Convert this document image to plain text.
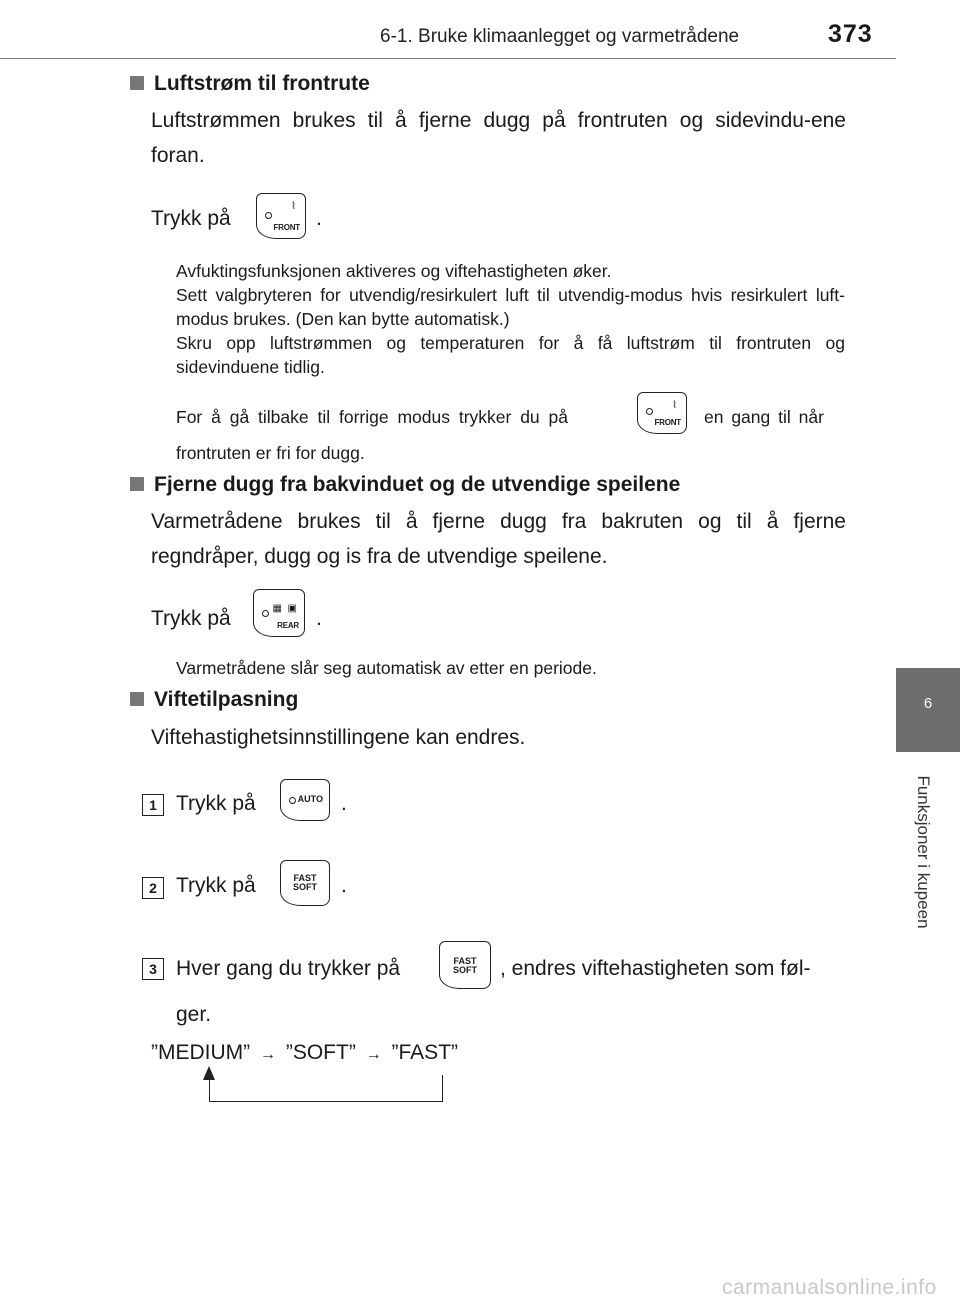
6-1. Bruke klimaanlegget og varmetrådene	373
6
Funksjoner i kupeen
Luftstrøm til frontrute
Luftstrømmen brukes til å fjerne dugg på frontruten og sidevindu-ene foran.
Trykk på
⌇
FRONT .
Avfuktingsfunksjonen aktiveres og viftehastigheten øker.
Sett valgbryteren for utvendig/resirkulert luft til utvendig-modus hvis resirkulert luft-modus brukes. (Den kan bytte automatisk.)
Skru opp luftstrømmen og temperaturen for å få luftstrøm til frontruten og sidevinduene tidlig.
For å gå tilbake til forrige modus trykker du på
⌇
FRONT en gang til når
frontruten er fri for dugg.
Fjerne dugg fra bakvinduet og de utvendige speilene
Varmetrådene brukes til å fjerne dugg fra bakruten og til å fjerne regndråper, dugg og is fra de utvendige speilene.
Trykk på	▦ ▣
REAR .
Varmetrådene slår seg automatisk av etter en periode.
Viftetilpasning
Viftehastighetsinnstillingene kan endres.
1 Trykk på	AUTO .
2 Trykk på	FAST
SOFT	.
3 Hver gang du trykker på	FAST
SOFT	, endres viftehastigheten som føl-
ger.
”MEDIUM” → ”SOFT” → ”FAST”
carmanualsonline.info
